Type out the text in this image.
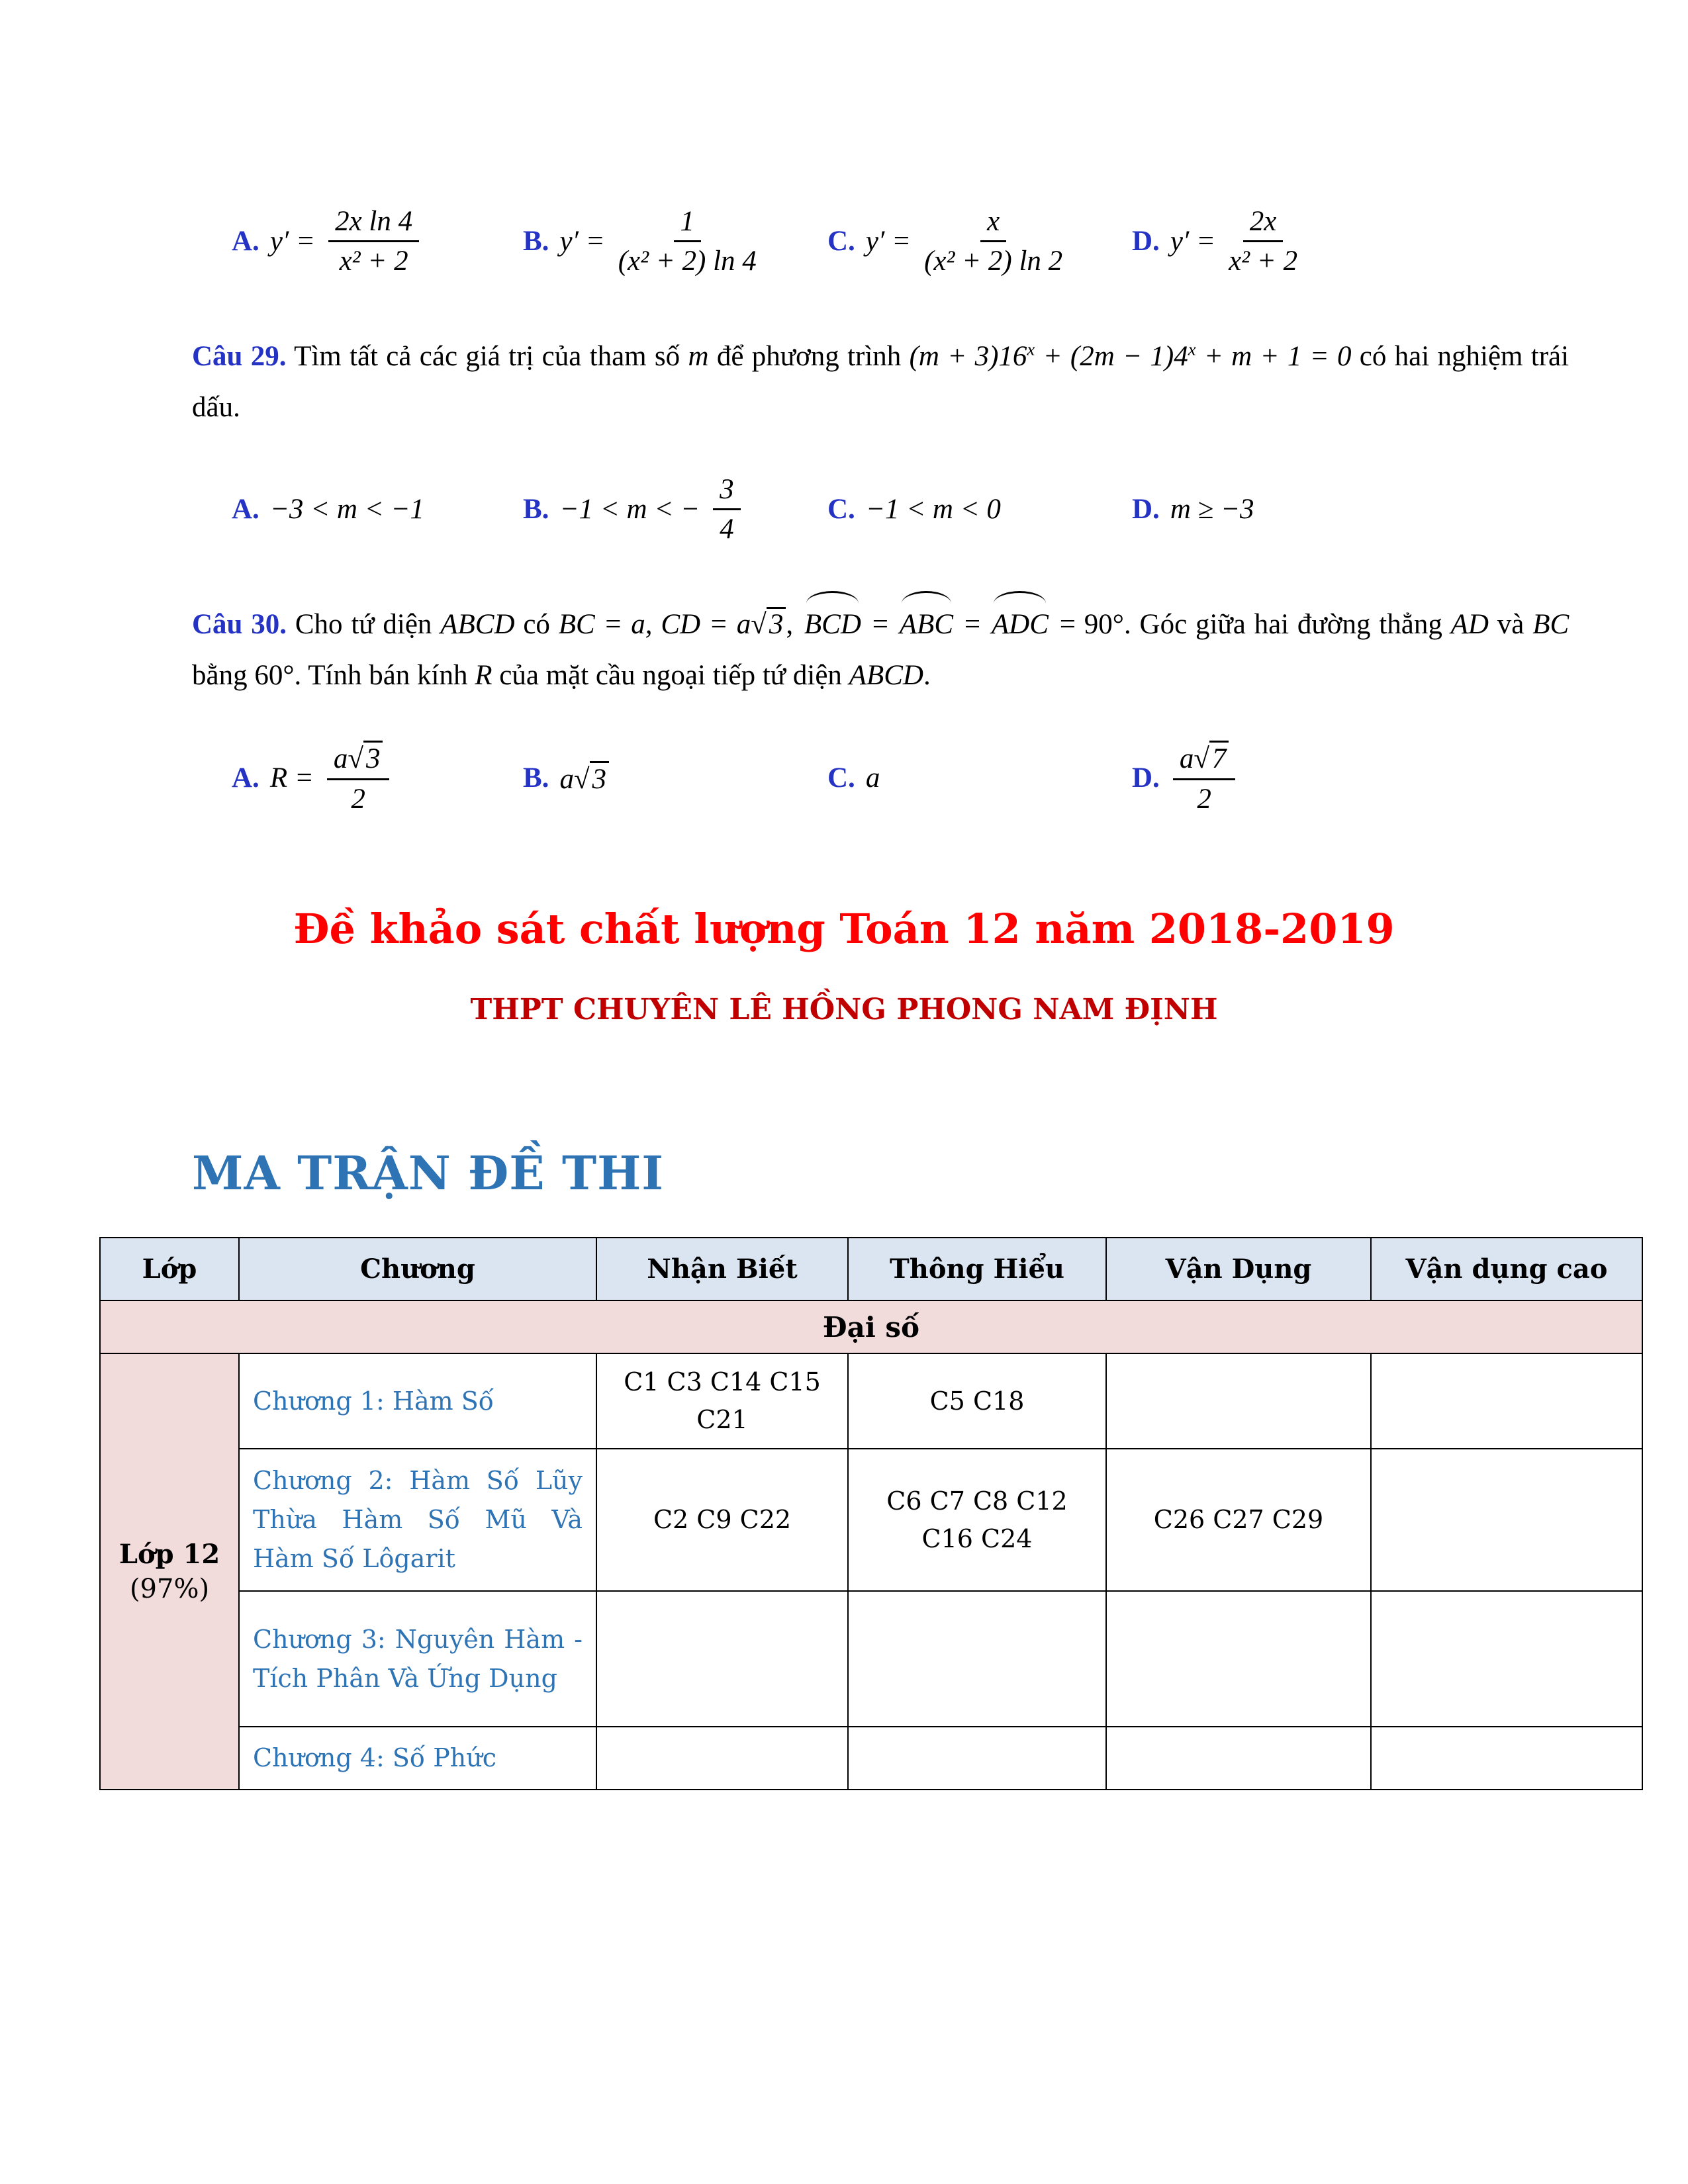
A. $y' = \frac{\text{2x ln 4}}{\text{x² + 2}}$	B. $y' = \frac{1}{\text{(x² + 2) ln 4}} C$. $y' = \frac{x}{\text{(x² + 2) ln 2}} D$. $y' = \frac{2x}{\text{x² + 2}}$

Câu 29. Tìm tất cả các giá trị của tham số m để phương trình $(m + 3)16^x + (2m - 1)4^x + m + 1 = 0$ có hai nghiệm trái dấu.

A. −3 < m < −1	B. −1 < m < − $\frac{3}{4}$	C. −1 < m < 0	D. m ≥ −3

Câu 30. Cho tứ diện ABCD có BC = a, CD = a√3, BCD = ABC = ADC = 90°. Góc giữa hai đường thẳng AD và BC bằng 60°. Tính bán kính R của mặt cầu ngoại tiếp tứ diện ABCD.

A. $R = \frac{a √ 3}{2}$	B. a √ 3	C. a	D. $\frac{a √ 7}{2}$
Đề khảo sát chất lượng Toán 12 năm 2018-2019
THPT CHUYÊN LÊ HỒNG PHONG NAM ĐỊNH
MA TRẬN ĐỀ THI
Lớp	Chương	Nhận Biết	Thông Hiểu	Vận Dụng	Vận dụng cao
Đại số					

Lớp 12
(97%)	Chương 1: Hàm Số	C1 C3 C14 C15 C21	C5 C18		
	Chương 2: Hàm Số Lũy Thừa Hàm Số Mũ Và Hàm Số Lôgarit	C2 C9 C22	C6 C7 C8 C12 C16 C24	C26 C27 C29	
	Chương 3: Nguyên Hàm - Tích Phân Và Ứng Dụng				
	Chương 4: Số Phức				
